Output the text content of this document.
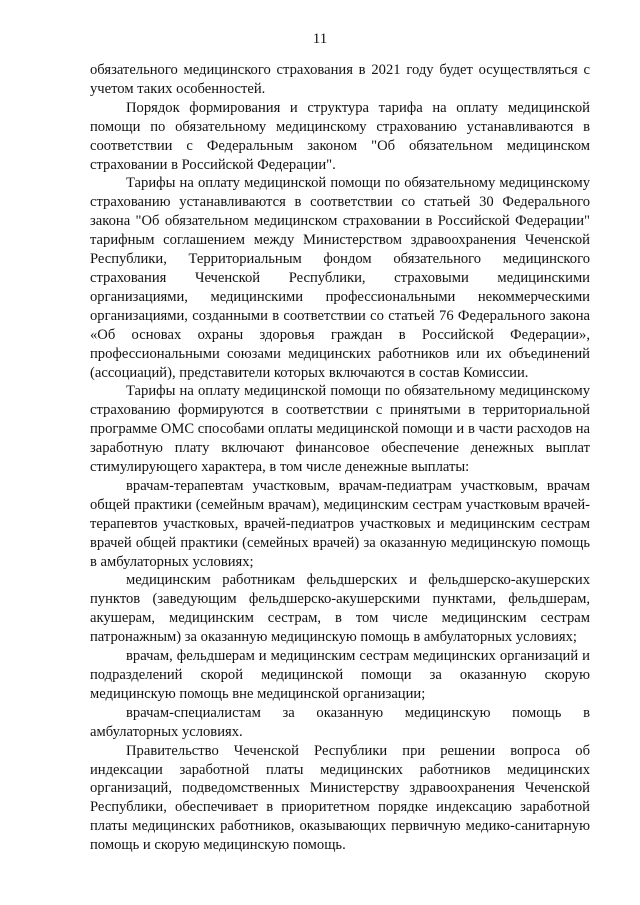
11

обязательного медицинского страхования в 2021 году будет осуществляться с учетом таких особенностей.

Порядок формирования и структура тарифа на оплату медицинской помощи по обязательному медицинскому страхованию устанавливаются в соответствии с Федеральным законом "Об обязательном медицинском страховании в Российской Федерации".

Тарифы на оплату медицинской помощи по обязательному медицинскому страхованию устанавливаются в соответствии со статьей 30 Федерального закона "Об обязательном медицинском страховании в Российской Федерации" тарифным соглашением между Министерством здравоохранения Чеченской Республики, Территориальным фондом обязательного медицинского страхования Чеченской Республики, страховыми медицинскими организациями, медицинскими профессиональными некоммерческими организациями, созданными в соответствии со статьей 76 Федерального закона «Об основах охраны здоровья граждан в Российской Федерации», профессиональными союзами медицинских работников или их объединений (ассоциаций), представители которых включаются в состав Комиссии.

Тарифы на оплату медицинской помощи по обязательному медицинскому страхованию формируются в соответствии с принятыми в территориальной программе ОМС способами оплаты медицинской помощи и в части расходов на заработную плату включают финансовое обеспечение денежных выплат стимулирующего характера, в том числе денежные выплаты:

врачам-терапевтам участковым, врачам-педиатрам участковым, врачам общей практики (семейным врачам), медицинским сестрам участковым врачей-терапевтов участковых, врачей-педиатров участковых и медицинским сестрам врачей общей практики (семейных врачей) за оказанную медицинскую помощь в амбулаторных условиях;

медицинским работникам фельдшерских и фельдшерско-акушерских пунктов (заведующим фельдшерско-акушерскими пунктами, фельдшерам, акушерам, медицинским сестрам, в том числе медицинским сестрам патронажным) за оказанную медицинскую помощь в амбулаторных условиях;

врачам, фельдшерам и медицинским сестрам медицинских организаций и подразделений скорой медицинской помощи за оказанную скорую медицинскую помощь вне медицинской организации;

врачам-специалистам за оказанную медицинскую помощь в амбулаторных условиях.

Правительство Чеченской Республики при решении вопроса об индексации заработной платы медицинских работников медицинских организаций, подведомственных Министерству здравоохранения Чеченской Республики, обеспечивает в приоритетном порядке индексацию заработной платы медицинских работников, оказывающих первичную медико-санитарную помощь и скорую медицинскую помощь.
